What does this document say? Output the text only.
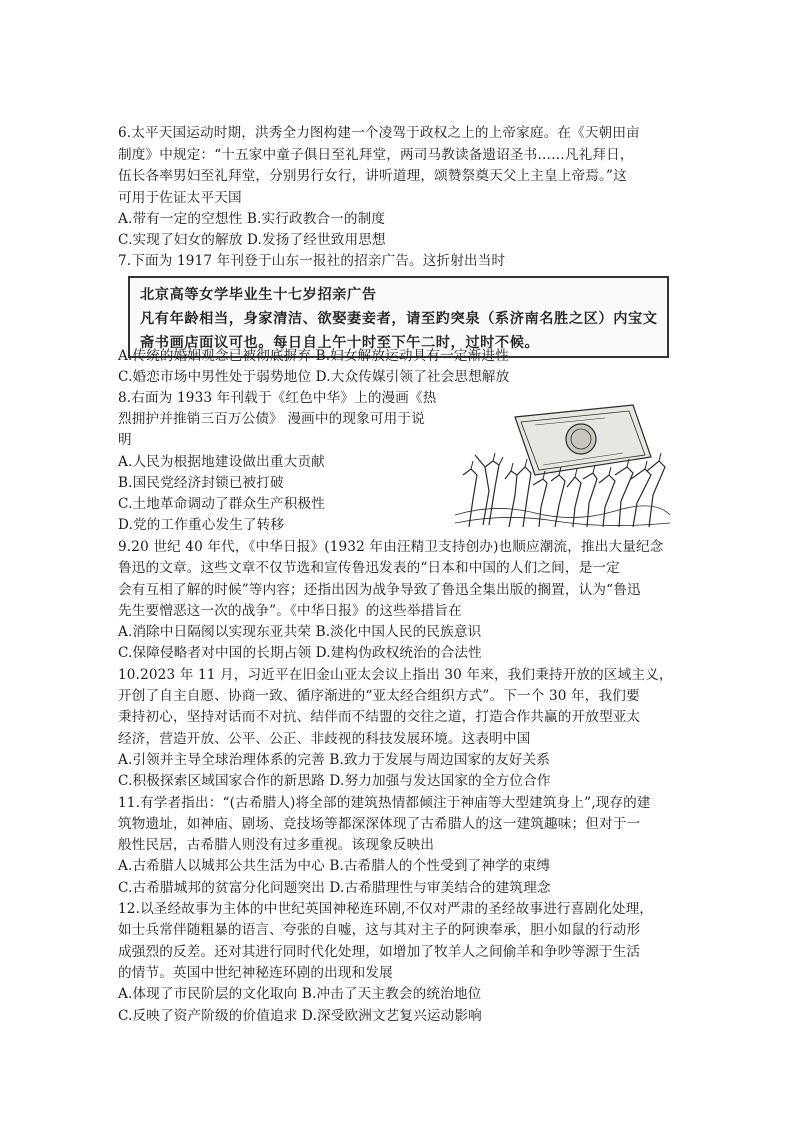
6.太平天国运动时期，洪秀全力图构建一个凌驾于政权之上的上帝家庭。在《天朝田亩
制度》中规定：“十五家中童子俱日至礼拜堂，两司马教读备遗诏圣书……凡礼拜日，
伍长各率男妇至礼拜堂，分别男行女行，讲听道理，颂赞祭奠天父上主皇上帝焉。”这
可用于佐证太平天国
A.带有一定的空想性 B.实行政教合一的制度
C.实现了妇女的解放 D.发扬了经世致用思想
7.下面为 1917 年刊登于山东一报社的招亲广告。这折射出当时
北京高等女学毕业生十七岁招亲广告
凡有年龄相当，身家清洁、欲娶妻妾者，请至趵突泉（系济南名胜之区）内宝文
斋书画店面议可也。每日自上午十时至下午二时，过时不候。
A.传统的婚姻观念已被彻底摒弃 B.妇女解放运动具有一定渐进性
C.婚恋市场中男性处于弱势地位 D.大众传媒引领了社会思想解放
8.右面为 1933 年刊载于《红色中华》上的漫画《热
烈拥护并推销三百万公债》 漫画中的现象可用于说
明
A.人民为根据地建设做出重大贡献
B.国民党经济封锁已被打破
C.土地革命调动了群众生产积极性
D.党的工作重心发生了转移
9.20 世纪 40 年代，《中华日报》(1932 年由汪精卫支持创办)也顺应潮流，推出大量纪念
鲁迅的文章。这些文章不仅节选和宣传鲁迅发表的“日本和中国的人们之间，是一定
会有互相了解的时候”等内容；还指出因为战争导致了鲁迅全集出版的搁置，认为“鲁迅
先生要憎恶这一次的战争”。《中华日报》的这些举措旨在
A.消除中日隔阂以实现东亚共荣 B.淡化中国人民的民族意识
C.保障侵略者对中国的长期占领 D.建构伪政权统治的合法性
10.2023 年 11 月，习近平在旧金山亚太会议上指出 30 年来，我们秉持开放的区域主义，
开创了自主自愿、协商一致、循序渐进的“亚太经合组织方式”。下一个 30 年，我们要
秉持初心，坚持对话而不对抗、结伴而不结盟的交往之道，打造合作共赢的开放型亚太
经济，营造开放、公平、公正、非歧视的科技发展环境。这表明中国
A.引领并主导全球治理体系的完善 B.致力于发展与周边国家的友好关系
C.积极探索区域国家合作的新思路 D.努力加强与发达国家的全方位合作
11.有学者指出：“(古希腊人)将全部的建筑热情都倾注于神庙等大型建筑身上”,现存的建
筑物遗址，如神庙、剧场、竞技场等都深深体现了古希腊人的这一建筑趣味；但对于一
般性民居，古希腊人则没有过多重视。该现象反映出
A.古希腊人以城邦公共生活为中心 B.古希腊人的个性受到了神学的束缚
C.古希腊城邦的贫富分化问题突出 D.古希腊理性与审美结合的建筑理念
12.以圣经故事为主体的中世纪英国神秘连环剧,不仅对严肃的圣经故事进行喜剧化处理，
如士兵常伴随粗暴的语言、夸张的自嘘，这与其对主子的阿谀奉承，胆小如鼠的行动形
成强烈的反差。还对其进行同时代化处理，如增加了牧羊人之间偷羊和争吵等源于生活
的情节。英国中世纪神秘连环剧的出现和发展
A.体现了市民阶层的文化取向 B.冲击了天主教会的统治地位
C.反映了资产阶级的价值追求 D.深受欧洲文艺复兴运动影响
